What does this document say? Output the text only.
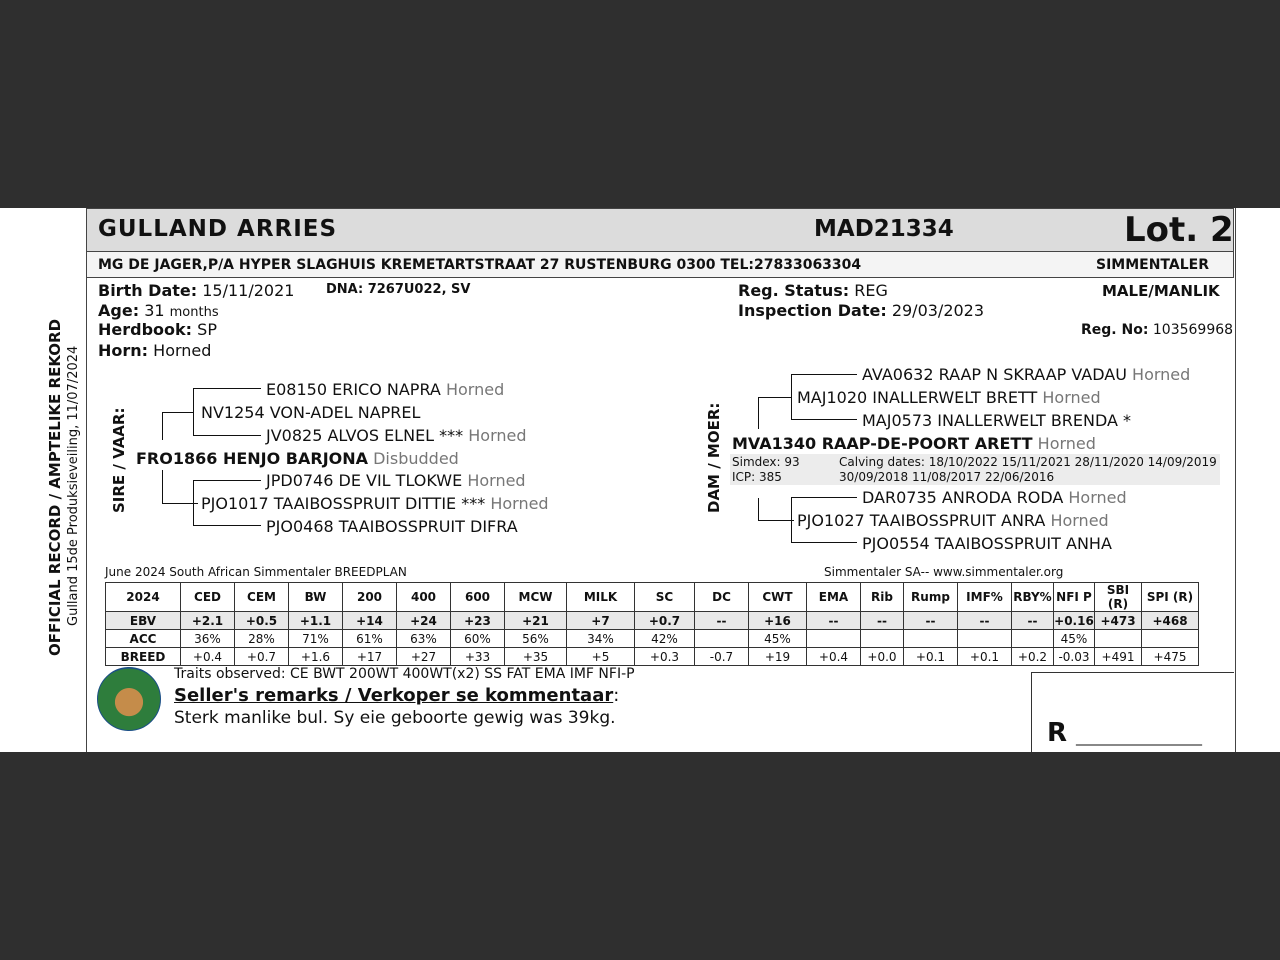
GULLAND ARRIES	MAD21334	Lot. 2
MG DE JAGER,P/A HYPER SLAGHUIS KREMETARTSTRAAT 27 RUSTENBURG 0300 TEL:27833063304	SIMMENTALER
OFFICIAL RECORD / AMPTELIKE REKORD Gulland 15de Produksieveiling, 11/07/2024
Birth Date: 15/11/2021 DNA: 7267U022, SV
Age: 31 months
Herdbook: SP
Horn: Horned
Reg. Status: REG
Inspection Date: 29/03/2023
MALE/MANLIK
Reg. No: 103569968
SIRE / VAAR:
E08150 ERICO NAPRA Horned
NV1254 VON-ADEL NAPREL
JV0825 ALVOS ELNEL *** Horned
FRO1866 HENJO BARJONA Disbudded
JPD0746 DE VIL TLOKWE Horned
PJO1017 TAAIBOSSPRUIT DITTIE *** Horned
PJO0468 TAAIBOSSPRUIT DIFRA
DAM / MOER:
AVA0632 RAAP N SKRAAP VADAU Horned
MAJ1020 INALLERWELT BRETT Horned
MAJ0573 INALLERWELT BRENDA *
MVA1340 RAAP-DE-POORT ARETT Horned
Simdex: 93
ICP: 385
Calving dates: 18/10/2022 15/11/2021 28/11/2020 14/09/2019
30/09/2018 11/08/2017 22/06/2016
DAR0735 ANRODA RODA Horned
PJO1027 TAAIBOSSPRUIT ANRA Horned
PJO0554 TAAIBOSSPRUIT ANHA
June 2024 South African Simmentaler BREEDPLAN	Simmentaler SA-- www.simmentaler.org
2024	CED	CEM	BW	200	400	600	MCW	MILK	SC	DC	CWT	EMA	Rib	Rump	IMF%	RBY%	NFI P	SBI (R)	SPI (R)
EBV	+2.1	+0.5	+1.1	+14	+24	+23	+21	+7	+0.7	--	+16	--	--	--	--	--	+0.16	+473	+468
ACC	36%	28%	71%	61%	63%	60%	56%	34%	42%		45%						45%		
BREED	+0.4	+0.7	+1.6	+17	+27	+33	+35	+5	+0.3	-0.7	+19	+0.4	+0.0	+0.1	+0.1	+0.2	-0.03	+491	+475
Traits observed: CE BWT 200WT 400WT(x2) SS FAT EMA IMF NFI-P
Seller's remarks / Verkoper se kommentaar:
Sterk manlike bul. Sy eie geboorte gewig was 39kg.	R __________________
